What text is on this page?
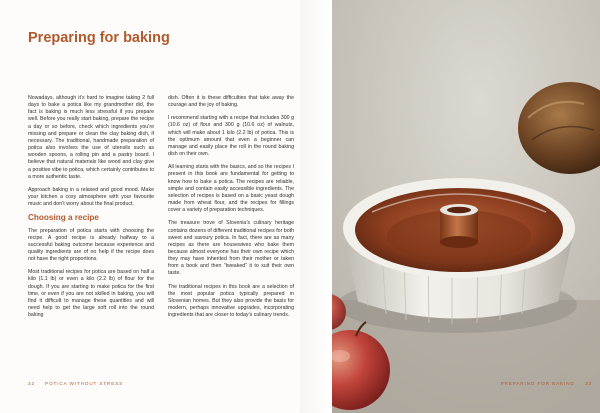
Preparing for baking

Nowadays, although it’s hard to imagine taking 2 full days to bake a potica like my grandmother did, the fact is baking is much less stressful if you prepare well. Before you really start baking, prepare the recipe a day or so before, check which ingredients you’re missing and prepare or clean the clay baking dish, if necessary. The traditional, handmade preparation of potica also involves the use of utensils such as wooden spoons, a rolling pin and a pastry board. I believe that natural materials like wood and clay give a positive vibe to potica, which certainly contributes to a more authentic taste.

Approach baking in a relaxed and good mood. Make your kitchen a cosy atmosphere with your favourite music and don’t worry about the final product.

Choosing a recipe

The preparation of potica starts with choosing the recipe. A good recipe is already halfway to a successful baking outcome because experience and quality ingredients are of no help if the recipe does not have the right proportions.

Most traditional recipes for potica are based on half a kilo (1.1 lb) or even a kilo (2.2 lb) of flour for the dough. If you are starting to make potica for the first time, or even if you are not skilled in baking, you will find it difficult to manage these quantities and will need help to get the large soft roll into the round baking

dish. Often it is these difficulties that take away the courage and the joy of baking.

I recommend starting with a recipe that includes 300 g (10.6 oz) of flour and 300 g (10.6 oz) of walnuts, which will make about 1 kilo (2.2 lb) of potica. This is the optimum amount that even a beginner can manage and easily place the roll in the round baking dish on their own.

All learning starts with the basics, and so the recipes I present in this book are fundamental for getting to know how to bake a potica. The recipes are reliable, simple and contain easily accessible ingredients. The selection of recipes is based on a basic yeast dough made from wheat flour, and the recipes for fillings cover a variety of preparation techniques.

The treasure trove of Slovenia’s culinary heritage contains dozens of different traditional recipes for both sweet and savoury potica. In fact, there are as many recipes as there are housewives who bake them because almost everyone has their own recipe which they may have inherited from their mother or taken from a book and then “tweaked” it to suit their own taste.

The traditional recipes in this book are a selection of the most popular potica typically prepared in Slovenian homes. But they also provide the basis for modern, perhaps innovative upgrades, incorporating ingredients that are closer to today’s culinary trends.

32 POTICA WITHOUT STRESS	PREPARING FOR BAKING 33
